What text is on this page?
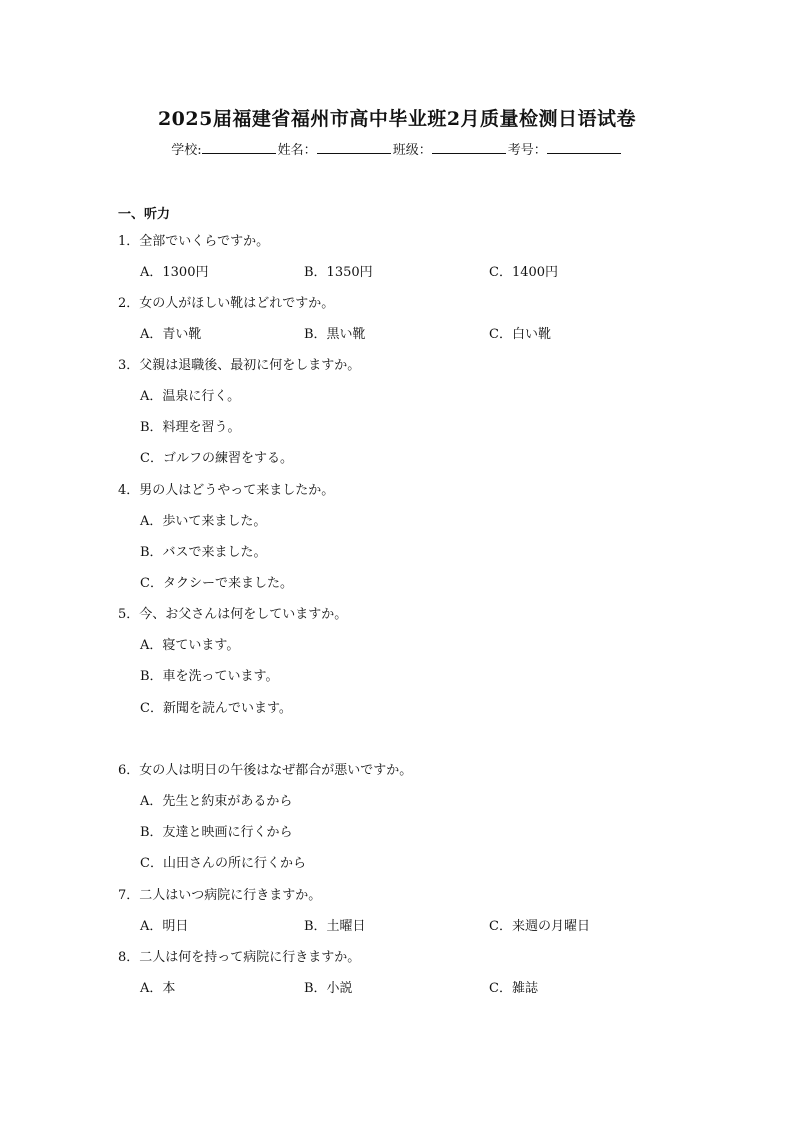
2025届福建省福州市高中毕业班2月质量检测日语试卷
学校:	姓名：	班级：	考号：
一、听力
1．全部でいくらですか。
A．1300円	B．1350円	C．1400円
2．女の人がほしい靴はどれですか。
A．青い靴	B．黒い靴	C．白い靴
3．父親は退職後、最初に何をしますか。
A．温泉に行く。
B．料理を習う。
C．ゴルフの練習をする。
4．男の人はどうやって来ましたか。
A．歩いて来ました。
B．バスで来ました。
C．タクシーで来ました。
5．今、お父さんは何をしていますか。
A．寝ています。
B．車を洗っています。
C．新聞を読んでいます。
6．女の人は明日の午後はなぜ都合が悪いですか。
A．先生と約束があるから
B．友達と映画に行くから
C．山田さんの所に行くから
7．二人はいつ病院に行きますか。
A．明日	B．土曜日	C．来週の月曜日
8．二人は何を持って病院に行きますか。
A．本	B．小説	C．雑誌
